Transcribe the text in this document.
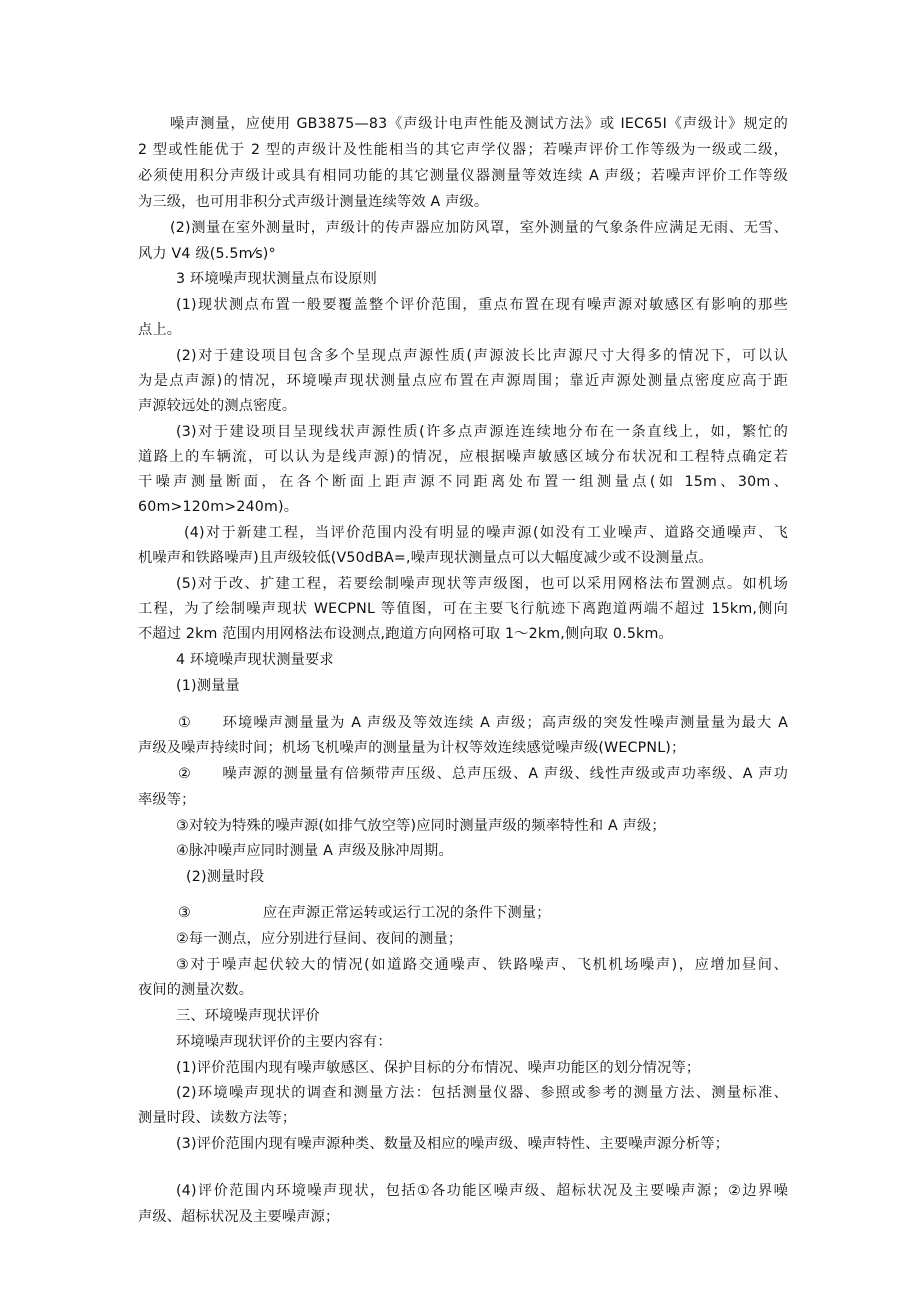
噪声测量，应使用 GB3875—83《声级计电声性能及测试方法》或 IEC65I《声级计》规定的
2 型或性能优于 2 型的声级计及性能相当的其它声学仪器；若噪声评价工作等级为一级或二级，
必须使用积分声级计或具有相同功能的其它测量仪器测量等效连续 A 声级；若噪声评价工作等级
为三级，也可用非积分式声级计测量连续等效 A 声级。
(2)测量在室外测量时，声级计的传声器应加防风罩，室外测量的气象条件应满足无雨、无雪、
风力 V4 级(5.5m⁄s)°
3 环境噪声现状测量点布设原则
(1)现状测点布置一般要覆盖整个评价范围，重点布置在现有噪声源对敏感区有影响的那些
点上。
(2)对于建设项目包含多个呈现点声源性质(声源波长比声源尺寸大得多的情况下，可以认
为是点声源)的情况，环境噪声现状测量点应布置在声源周围；靠近声源处测量点密度应高于距
声源较远处的测点密度。
(3)对于建设项目呈现线状声源性质(许多点声源连连续地分布在一条直线上，如，繁忙的
道路上的车辆流，可以认为是线声源)的情况，应根据噪声敏感区域分布状况和工程特点确定若
干噪声测量断面，在各个断面上距声源不同距离处布置一组测量点(如 15m、30m、
60m>120m>240m)。
(4)对于新建工程，当评价范围内没有明显的噪声源(如没有工业噪声、道路交通噪声、飞
机噪声和铁路噪声)且声级较低(V50dBA=,噪声现状测量点可以大幅度减少或不设测量点。
(5)对于改、扩建工程，若要绘制噪声现状等声级图，也可以采用网格法布置测点。如机场
工程，为了绘制噪声现状 WECPNL 等值图，可在主要飞行航迹下离跑道两端不超过 15km,侧向
不超过 2km 范围内用网格法布设测点,跑道方向网格可取 1～2km,侧向取 0.5km。
4 环境噪声现状测量要求
(1)测量量
①　　环境噪声测量量为 A 声级及等效连续 A 声级；高声级的突发性噪声测量量为最大 A
声级及噪声持续时间；机场飞机噪声的测量量为计权等效连续感觉噪声级(WECPNL)；
②　　噪声源的测量量有倍频带声压级、总声压级、A 声级、线性声级或声功率级、A 声功
率级等；
③对较为特殊的噪声源(如排气放空等)应同时测量声级的频率特性和 A 声级；
④脉冲噪声应同时测量 A 声级及脉冲周期。
(2)测量时段
③　　　　　应在声源正常运转或运行工况的条件下测量；
②每一测点，应分别进行昼间、夜间的测量；
③对于噪声起伏较大的情况(如道路交通噪声、铁路噪声、飞机机场噪声)，应增加昼间、
夜间的测量次数。
三、环境噪声现状评价
环境噪声现状评价的主要内容有：
(1)评价范围内现有噪声敏感区、保护目标的分布情况、噪声功能区的划分情况等；
(2)环境噪声现状的调查和测量方法：包括测量仪器、参照或参考的测量方法、测量标准、
测量时段、读数方法等；
(3)评价范围内现有噪声源种类、数量及相应的噪声级、噪声特性、主要噪声源分析等；
(4)评价范围内环境噪声现状，包括①各功能区噪声级、超标状况及主要噪声源；②边界噪
声级、超标状况及主要噪声源；
